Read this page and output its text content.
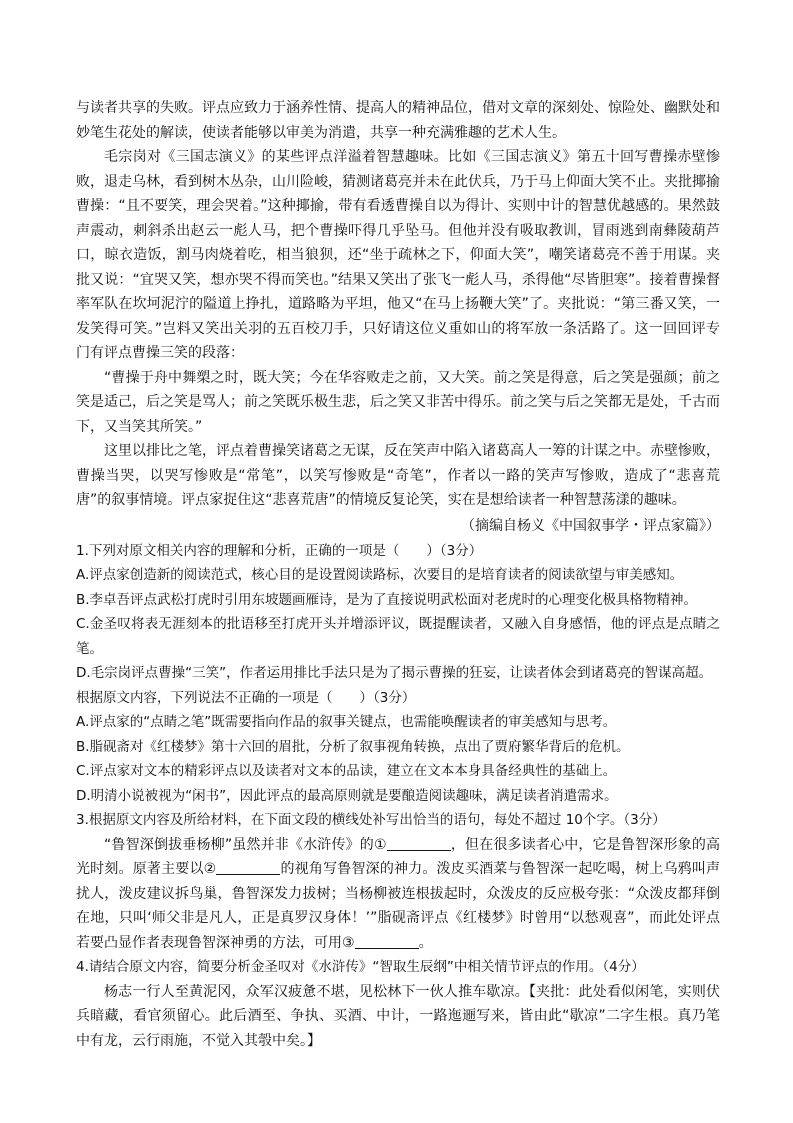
与读者共享的失败。评点应致力于涵养性情、提高人的精神品位，借对文章的深刻处、惊险处、幽默处和妙笔生花处的解读，使读者能够以审美为消遣，共享一种充满雅趣的艺术人生。

毛宗岗对《三国志演义》的某些评点洋溢着智慧趣味。比如《三国志演义》第五十回写曹操赤壁惨败，退走乌林，看到树木丛杂，山川险峻，猜测诸葛亮并未在此伏兵，乃于马上仰面大笑不止。夹批揶揄曹操：“且不要笑，理会哭着。”这种揶揄，带有看透曹操自以为得计、实则中计的智慧优越感的。果然鼓声震动，刺斜杀出赵云一彪人马，把个曹操吓得几乎坠马。但他并没有吸取教训，冒雨逃到南彝陵葫芦口，晾衣造饭，割马肉烧着吃，相当狼狈，还“坐于疏林之下，仰面大笑”，嘲笑诸葛亮不善于用谋。夹批又说：“宜哭又笑，想亦哭不得而笑也。”结果又笑出了张飞一彪人马，杀得他“尽皆胆寒”。接着曹操督率军队在坎坷泥泞的隘道上挣扎，道路略为平坦，他又“在马上扬鞭大笑”了。夹批说：“第三番又笑，一发笑得可笑。”岂料又笑出关羽的五百校刀手，只好请这位义重如山的将军放一条活路了。这一回回评专门有评点曹操三笑的段落：

“曹操于舟中舞槊之时，既大笑；今在华容败走之前，又大笑。前之笑是得意，后之笑是强颜；前之笑是适己，后之笑是骂人；前之笑既乐极生悲，后之笑又非苦中得乐。前之笑与后之笑都无是处，千古而下，又当笑其所笑。”

这里以排比之笔，评点着曹操笑诸葛之无谋，反在笑声中陷入诸葛高人一筹的计谋之中。赤壁惨败，曹操当哭，以哭写惨败是“常笔”，以笑写惨败是“奇笔”，作者以一路的笑声写惨败，造成了“悲喜荒唐”的叙事情境。评点家捉住这“悲喜荒唐”的情境反复论笑，实在是想给读者一种智慧荡漾的趣味。

（摘编自杨义《中国叙事学・评点家篇》）

1.下列对原文相关内容的理解和分析，正确的一项是（　　）（3分）

A.评点家创造新的阅读范式，核心目的是设置阅读路标，次要目的是培育读者的阅读欲望与审美感知。

B.李卓吾评点武松打虎时引用东坡题画雁诗，是为了直接说明武松面对老虎时的心理变化极具格物精神。

C.金圣叹将表无涯刻本的批语移至打虎开头并增添评议，既提醒读者，又融入自身感悟，他的评点是点睛之笔。

D.毛宗岗评点曹操“三笑”，作者运用排比手法只是为了揭示曹操的狂妄，让读者体会到诸葛亮的智谋高超。

根据原文内容，下列说法不正确的一项是（　　）（3分）

A.评点家的“点睛之笔”既需要指向作品的叙事关键点，也需能唤醒读者的审美感知与思考。

B.脂砚斋对《红楼梦》第十六回的眉批，分析了叙事视角转换，点出了贾府繁华背后的危机。

C.评点家对文本的精彩评点以及读者对文本的品读，建立在文本本身具备经典性的基础上。

D.明清小说被视为“闲书”，因此评点的最高原则就是要酿造阅读趣味，满足读者消遣需求。

3.根据原文内容及所给材料，在下面文段的横线处补写出恰当的语句，每处不超过 10个字。（3分）

“鲁智深倒拔垂杨柳”虽然并非《水浒传》的①	，但在很多读者心中，它是鲁智深形象的高光时刻。原著主要以②	的视角写鲁智深的神力。泼皮买酒菜与鲁智深一起吃喝，树上乌鸦叫声扰人，泼皮建议拆鸟巢，鲁智深发力拔树；当杨柳被连根拔起时，众泼皮的反应极夸张：“众泼皮都拜倒在地，只叫‘师父非是凡人，正是真罗汉身体！’”脂砚斋评点《红楼梦》时曾用“以愁观喜”，而此处评点若要凸显作者表现鲁智深神勇的方法，可用③	。

4.请结合原文内容，简要分析金圣叹对《水浒传》“智取生辰纲”中相关情节评点的作用。（4分）

杨志一行人至黄泥冈，众军汉疲惫不堪，见松林下一伙人推车歇凉。【夹批：此处看似闲笔，实则伏兵暗藏，看官须留心。此后酒至、争执、买酒、中计，一路迤逦写来，皆由此“歇凉”二字生根。真乃笔中有龙，云行雨施，不觉入其彀中矣。】
